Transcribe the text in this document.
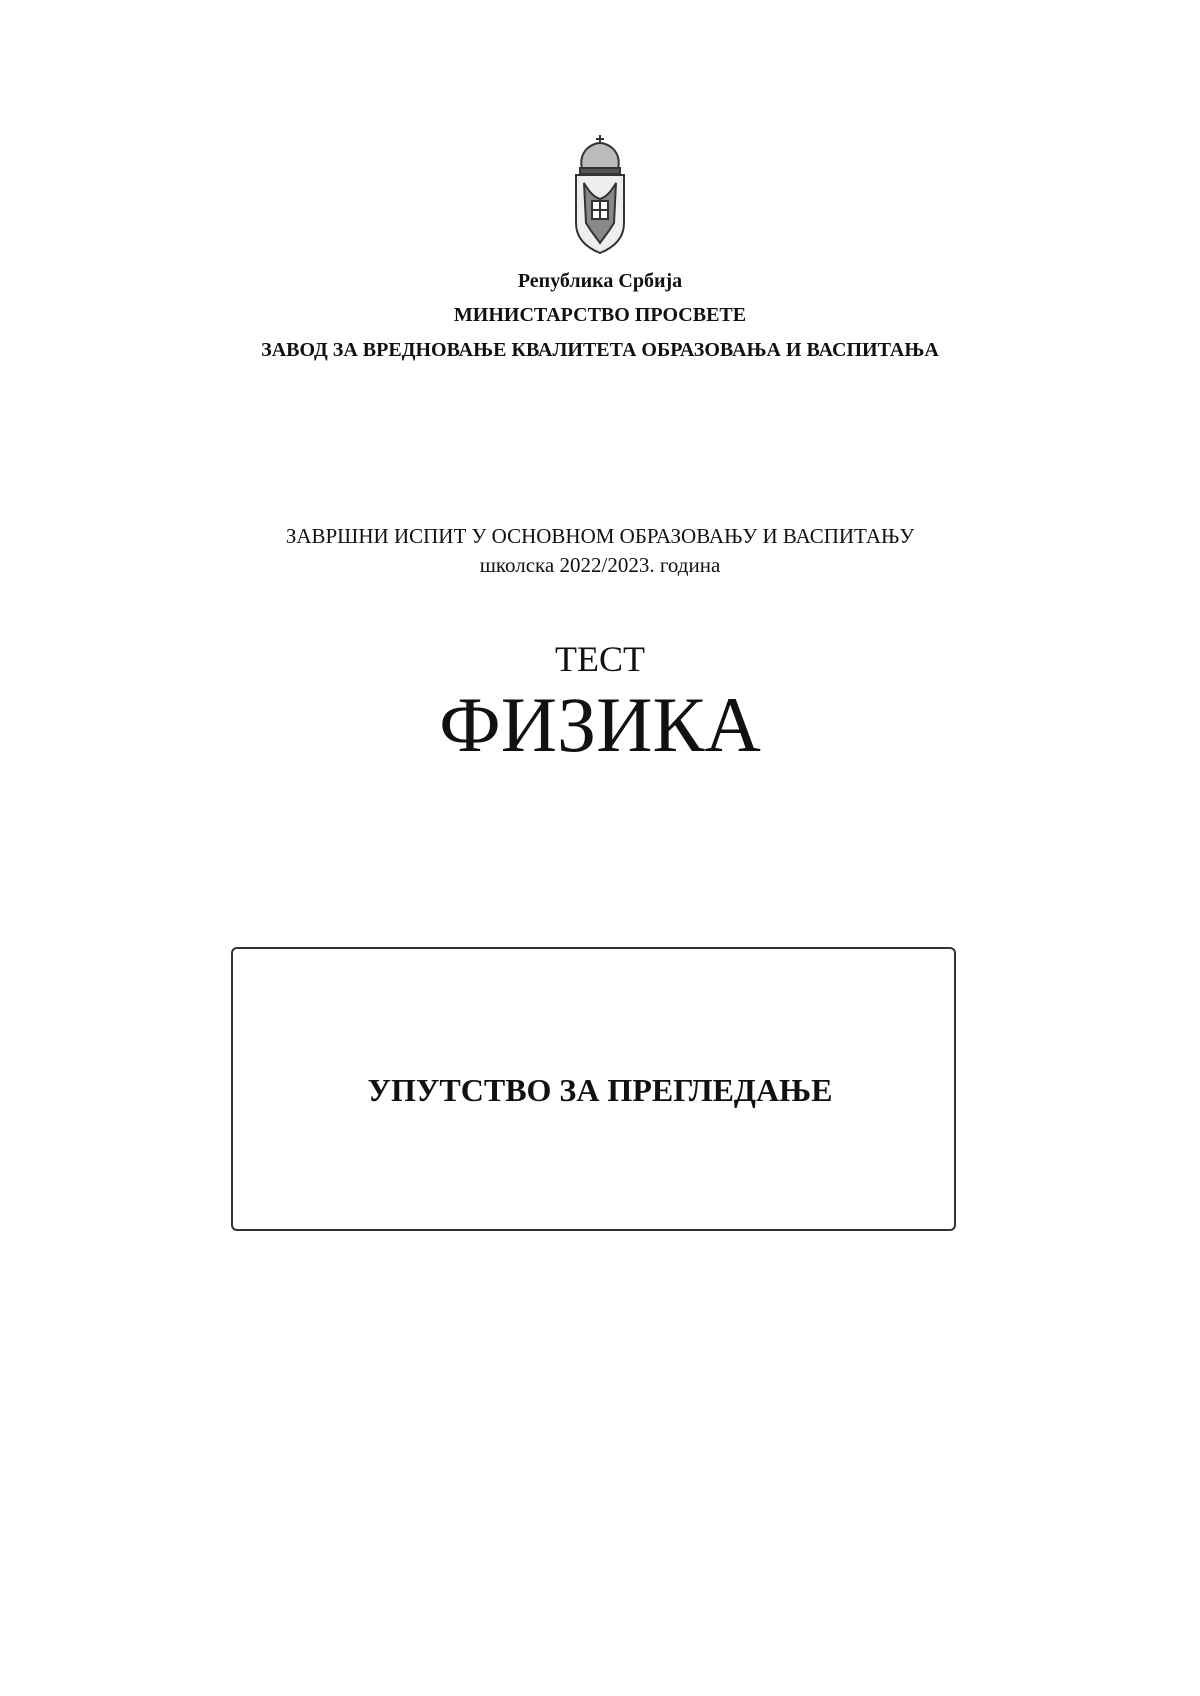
Република Србија
МИНИСТАРСТВО ПРОСВЕТЕ
ЗАВОД ЗА ВРЕДНОВАЊЕ КВАЛИТЕТА ОБРАЗОВАЊА И ВАСПИТАЊА
ЗАВРШНИ ИСПИТ У ОСНОВНОМ ОБРАЗОВАЊУ И ВАСПИТАЊУ
школска 2022/2023. година
ТЕСТ
ФИЗИКА
УПУТСТВО ЗА ПРЕГЛЕДАЊЕ
